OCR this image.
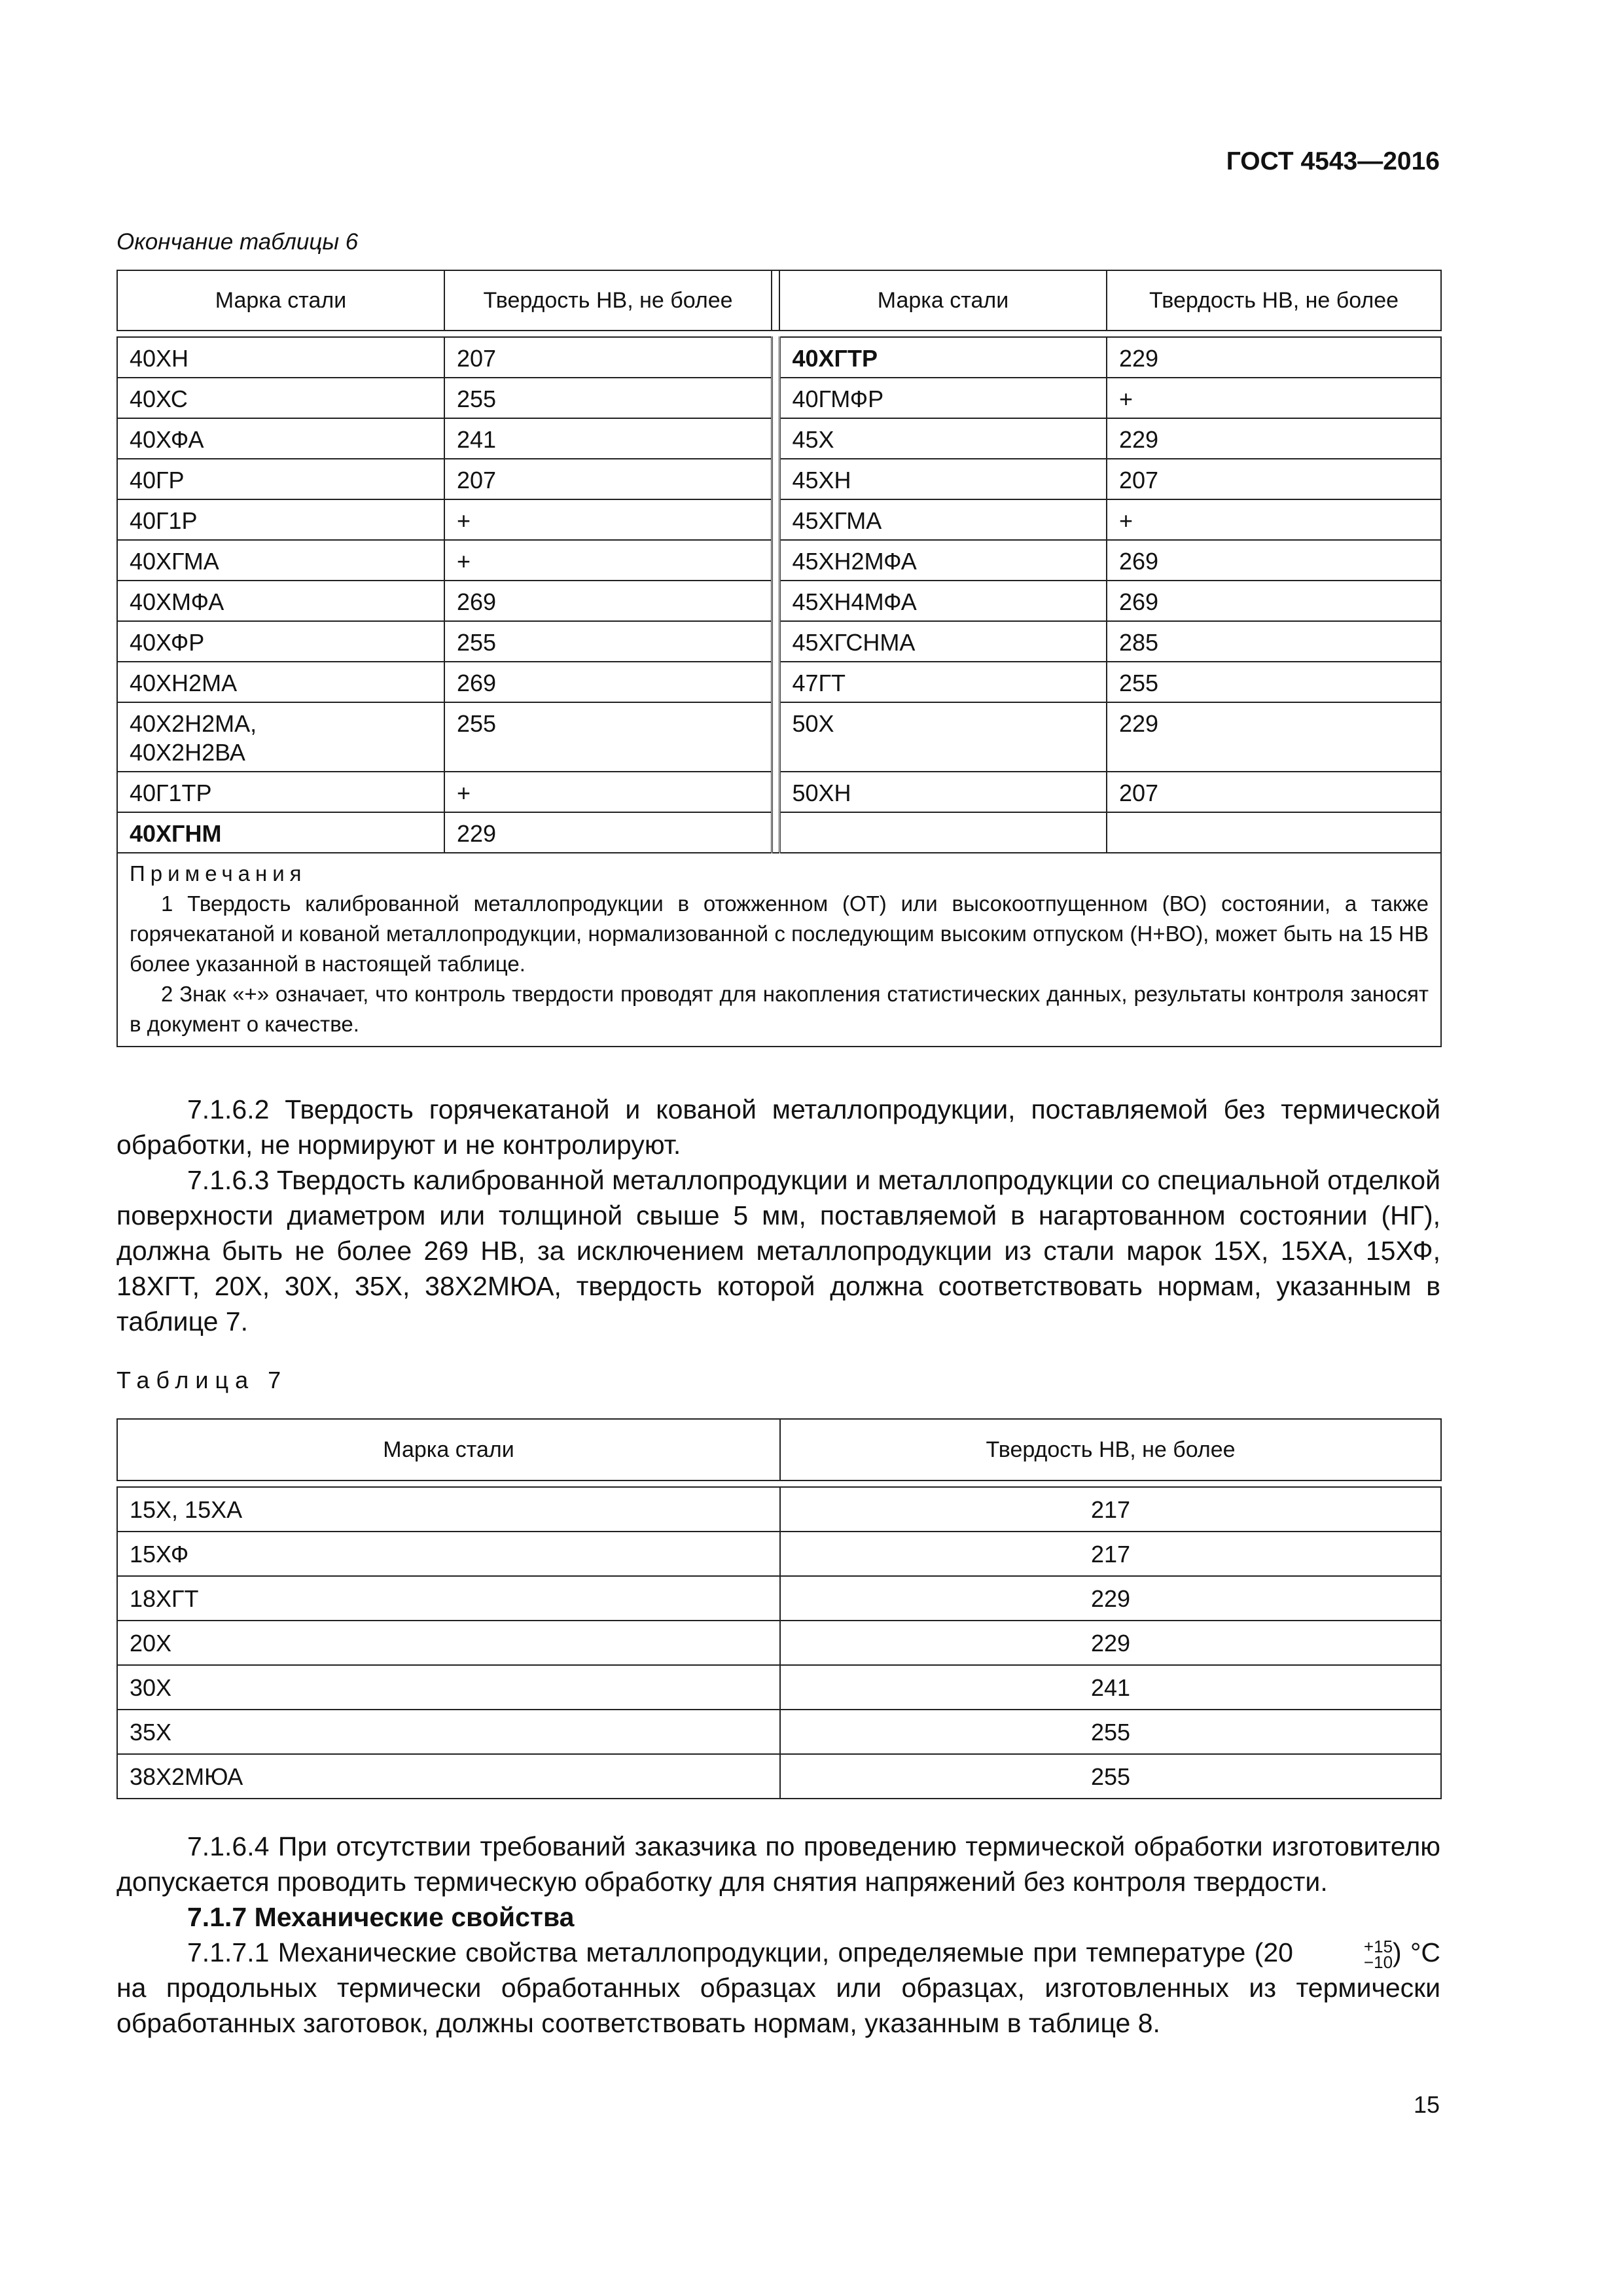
ГОСТ 4543—2016
Окончание таблицы 6
Марка стали	Твердость НВ, не более		Марка стали	Твердость НВ, не более

40ХН	207		40ХГТР	229
40ХС	255		40ГМФР	+
40ХФА	241		45Х	229
40ГР	207		45ХН	207
40Г1Р	+		45ХГМА	+
40ХГМА	+		45ХН2МФА	269
40ХМФА	269		45ХН4МФА	269
40ХФР	255		45ХГСНМА	285
40ХН2МА	269		47ГТ	255

40Х2Н2МА,
40Х2Н2ВА	255		50Х	229
40Г1ТР	+		50ХН	207
40ХГНМ	229			

Примечания
1 Твердость калиброванной металлопродукции в отожженном (ОТ) или высокоотпущенном (ВО) состоянии, а также горячекатаной и кованой металлопродукции, нормализованной с последующим высоким отпуском (Н+ВО), может быть на 15 НВ более указанной в настоящей таблице.
2 Знак «+» означает, что контроль твердости проводят для накопления статистических данных, результаты контроля заносят в документ о качестве.				
7.1.6.2 Твердость горячекатаной и кованой металлопродукции, поставляемой без термической обработки, не нормируют и не контролируют.
7.1.6.3 Твердость калиброванной металлопродукции и металлопродукции со специальной отделкой поверхности диаметром или толщиной свыше 5 мм, поставляемой в нагартованном состоянии (НГ), должна быть не более 269 НВ, за исключением металлопродукции из стали марок 15Х, 15ХА, 15ХФ, 18ХГТ, 20Х, 30Х, 35Х, 38Х2МЮА, твердость которой должна соответствовать нормам, указанным в таблице 7.
Таблица 7
Марка стали	Твердость НВ, не более

15Х, 15ХА	217
15ХФ	217
18ХГТ	229
20Х	229
30Х	241
35Х	255
38Х2МЮА	255
7.1.6.4 При отсутствии требований заказчика по проведению термической обработки изготовителю допускается проводить термическую обработку для снятия напряжений без контроля твердости.
7.1.7 Механические свойства
7.1.7.1 Механические свойства металлопродукции, определяемые при температуре (20	+15
−10 ) °С на продольных термически обработанных образцах или образцах, изготовленных из термически обработанных заготовок, должны соответствовать нормам, указанным в таблице 8.
15
